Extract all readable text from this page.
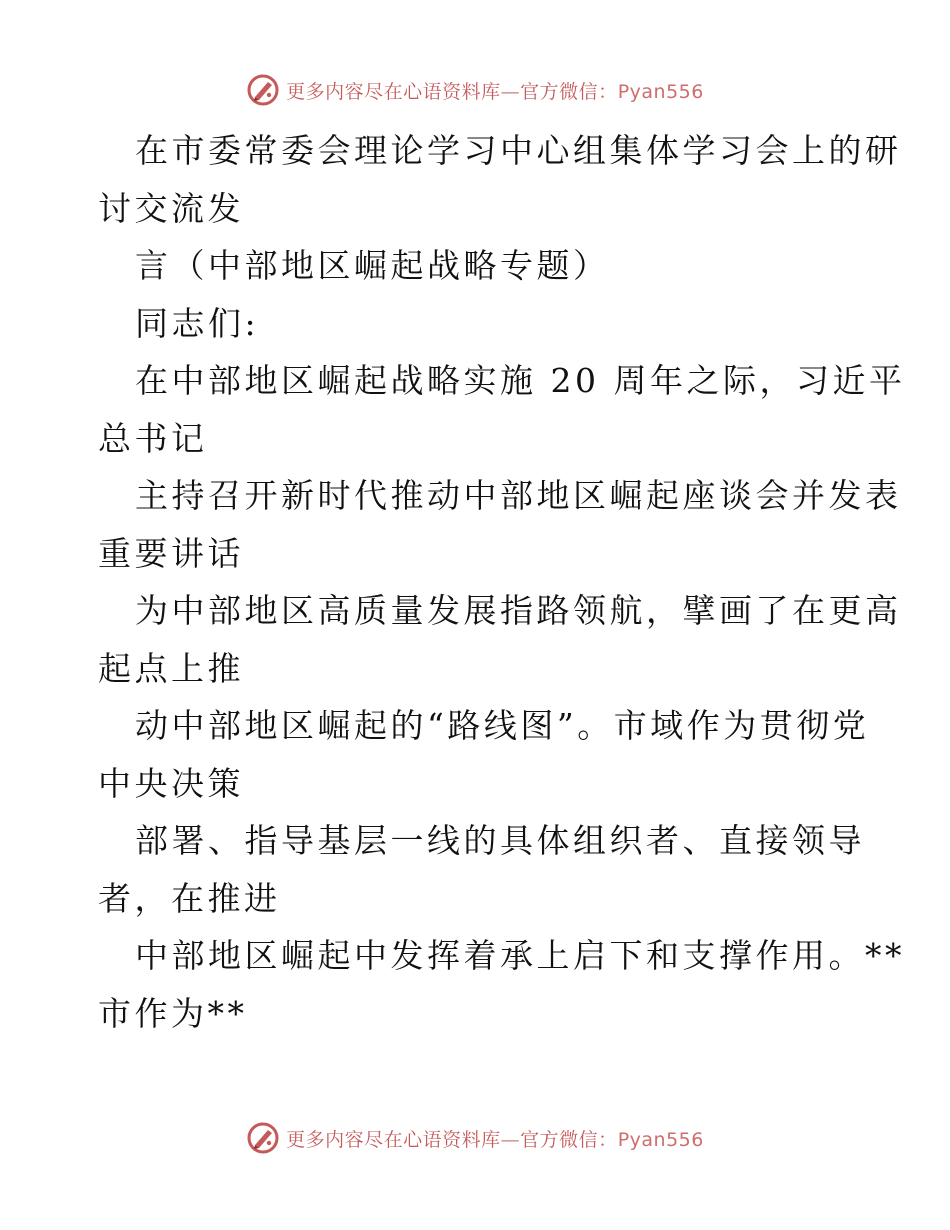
更多内容尽在心语资料库—官方微信：Pyan556
在市委常委会理论学习中心组集体学习会上的研
讨交流发
言（中部地区崛起战略专题）
同志们:
在中部地区崛起战略实施 20 周年之际，习近平
总书记
主持召开新时代推动中部地区崛起座谈会并发表
重要讲话
为中部地区高质量发展指路领航，擘画了在更高
起点上推
动中部地区崛起的“路线图”。市域作为贯彻党
中央决策
部署、指导基层一线的具体组织者、直接领导
者，在推进
中部地区崛起中发挥着承上启下和支撑作用。**
市作为**
更多内容尽在心语资料库—官方微信：Pyan556
